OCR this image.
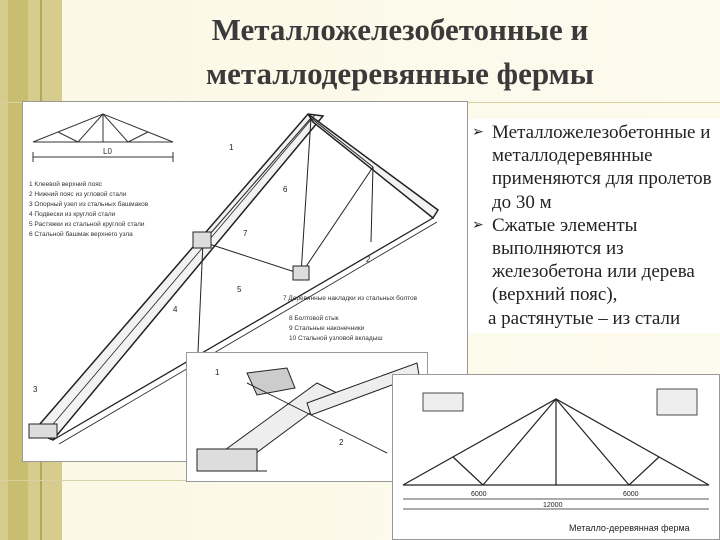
Металложелезобетонные и
металлодеревянные фермы
L0
1 Клеевой верхний пояс
2 Нижний пояс из угловой стали
3 Опорный узел из стальных башмаков
4 Подвески из круглой стали
5 Растяжки из стальной круглой стали
6 Стальной башмак верхнего узла
7 Деревянные накладки из стальных болтов
8 Болтовой стык
9 Стальные наконечники
10 Стальной узловой вкладыш
1
2
3
4
5
6
7
➢ Металложелезобетонные и металлодеревянные применяются для пролетов до 30 м
➢ Сжатые элементы выполняются из железобетона или дерева (верхний пояс),
а растянутые – из стали
1
2
6000	6000
12000
Металло-деревянная ферма
